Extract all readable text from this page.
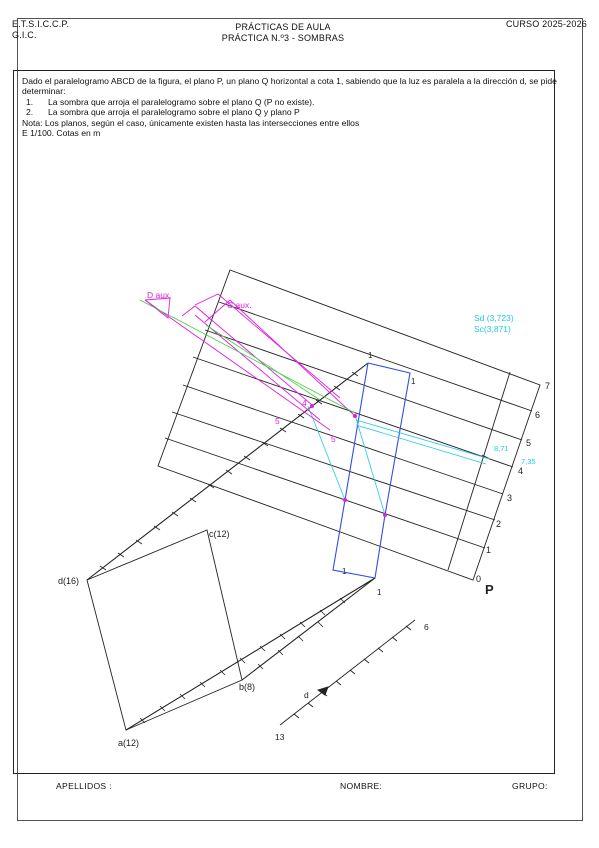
E.T.S.I.C.C.P.
G.I.C.
PRÁCTICAS DE AULA
PRÁCTICA N.º3 - SOMBRAS
CURSO 2025-2026

Dado el paralelogramo ABCD de la figura, el plano P, un plano Q horizontal a cota 1, sabiendo que la luz es paralela a la dirección d, se pide determinar:

1.	La sombra que arroja el paralelogramo sobre el plano Q (P no existe).
2.	La sombra que arroja el paralelogramo sobre el plano Q y plano P

Nota: Los planos, según el caso, únicamente existen hasta las intersecciones entre ellos

E 1/100. Cotas en m

0
1
2
3
4
5
6
7
P
d(16)
c(12)
b(8)
a(12)
1
1
1
1
D aux.
C aux.
5
4
5
Sd (3,723)
Sc(3,871)
8,71
7,35
d
13
6
APELLIDOS :	NOMBRE:	GRUPO:
